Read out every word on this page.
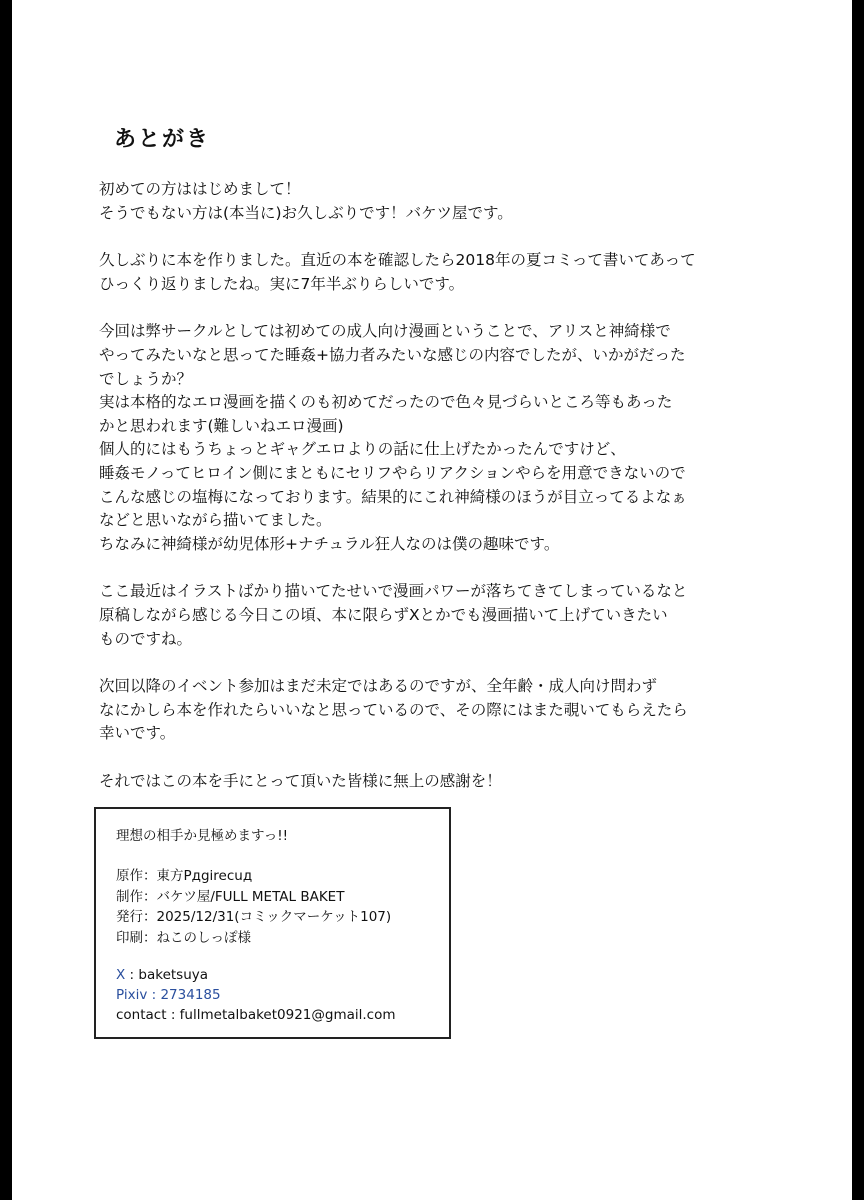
あとがき
初めての方ははじめまして！
そうでもない方は(本当に)お久しぶりです！バケツ屋です。
久しぶりに本を作りました。直近の本を確認したら2018年の夏コミって書いてあって
ひっくり返りましたね。実に7年半ぶりらしいです。
今回は弊サークルとしては初めての成人向け漫画ということで、アリスと神綺様で
やってみたいなと思ってた睡姦+協力者みたいな感じの内容でしたが、いかがだった
でしょうか？
実は本格的なエロ漫画を描くのも初めてだったので色々見づらいところ等もあった
かと思われます(難しいねエロ漫画)
個人的にはもうちょっとギャグエロよりの話に仕上げたかったんですけど、
睡姦モノってヒロイン側にまともにセリフやらリアクションやらを用意できないので
こんな感じの塩梅になっております。結果的にこれ神綺様のほうが目立ってるよなぁ
などと思いながら描いてました。
ちなみに神綺様が幼児体形+ナチュラル狂人なのは僕の趣味です。
ここ最近はイラストばかり描いてたせいで漫画パワーが落ちてきてしまっているなと
原稿しながら感じる今日この頃、本に限らずXとかでも漫画描いて上げていきたい
ものですね。
次回以降のイベント参加はまだ未定ではあるのですが、全年齢・成人向け問わず
なにかしら本を作れたらいいなと思っているので、その際にはまた覗いてもらえたら
幸いです。
それではこの本を手にとって頂いた皆様に無上の感謝を！
理想の相手か見極めますっ!!
原作：東方Pдgirecuд
制作：バケツ屋/FULL METAL BAKET
発行：2025/12/31(コミックマーケット107)
印刷：ねこのしっぽ様
X : baketsuya
Pixiv : 2734185
contact : fullmetalbaket0921@gmail.com
